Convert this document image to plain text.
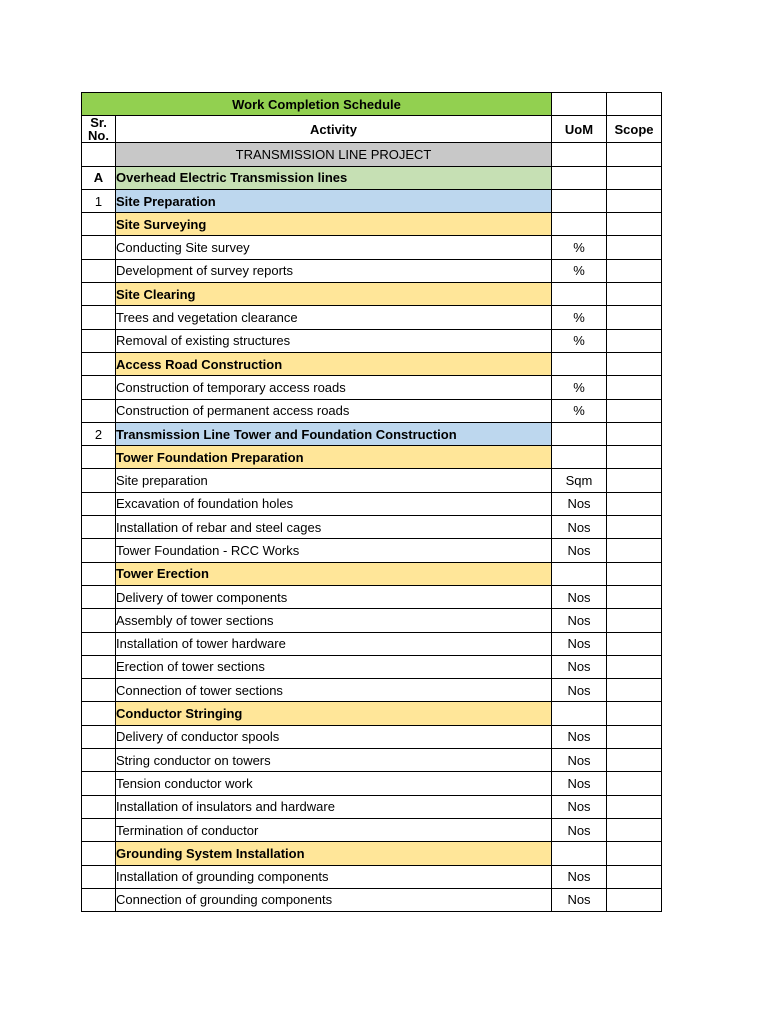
Work Completion Schedule			
Sr.
No.	Activity	UoM	Scope
	TRANSMISSION LINE PROJECT		
A	Overhead Electric Transmission lines		
1	Site Preparation		
	Site Surveying		
	Conducting Site survey	%	
	Development of survey reports	%	
	Site Clearing		
	Trees and vegetation clearance	%	
	Removal of existing structures	%	
	Access Road Construction		
	Construction of temporary access roads	%	
	Construction of permanent access roads	%	
2	Transmission Line Tower and Foundation Construction		
	Tower Foundation Preparation		
	Site preparation	Sqm	
	Excavation of foundation holes	Nos	
	Installation of rebar and steel cages	Nos	
	Tower Foundation - RCC Works	Nos	
	Tower Erection		
	Delivery of tower components	Nos	
	Assembly of tower sections	Nos	
	Installation of tower hardware	Nos	
	Erection of tower sections	Nos	
	Connection of tower sections	Nos	
	Conductor Stringing		
	Delivery of conductor spools	Nos	
	String conductor on towers	Nos	
	Tension conductor work	Nos	
	Installation of insulators and hardware	Nos	
	Termination of conductor	Nos	
	Grounding System Installation		
	Installation of grounding components	Nos	
	Connection of grounding components	Nos	
